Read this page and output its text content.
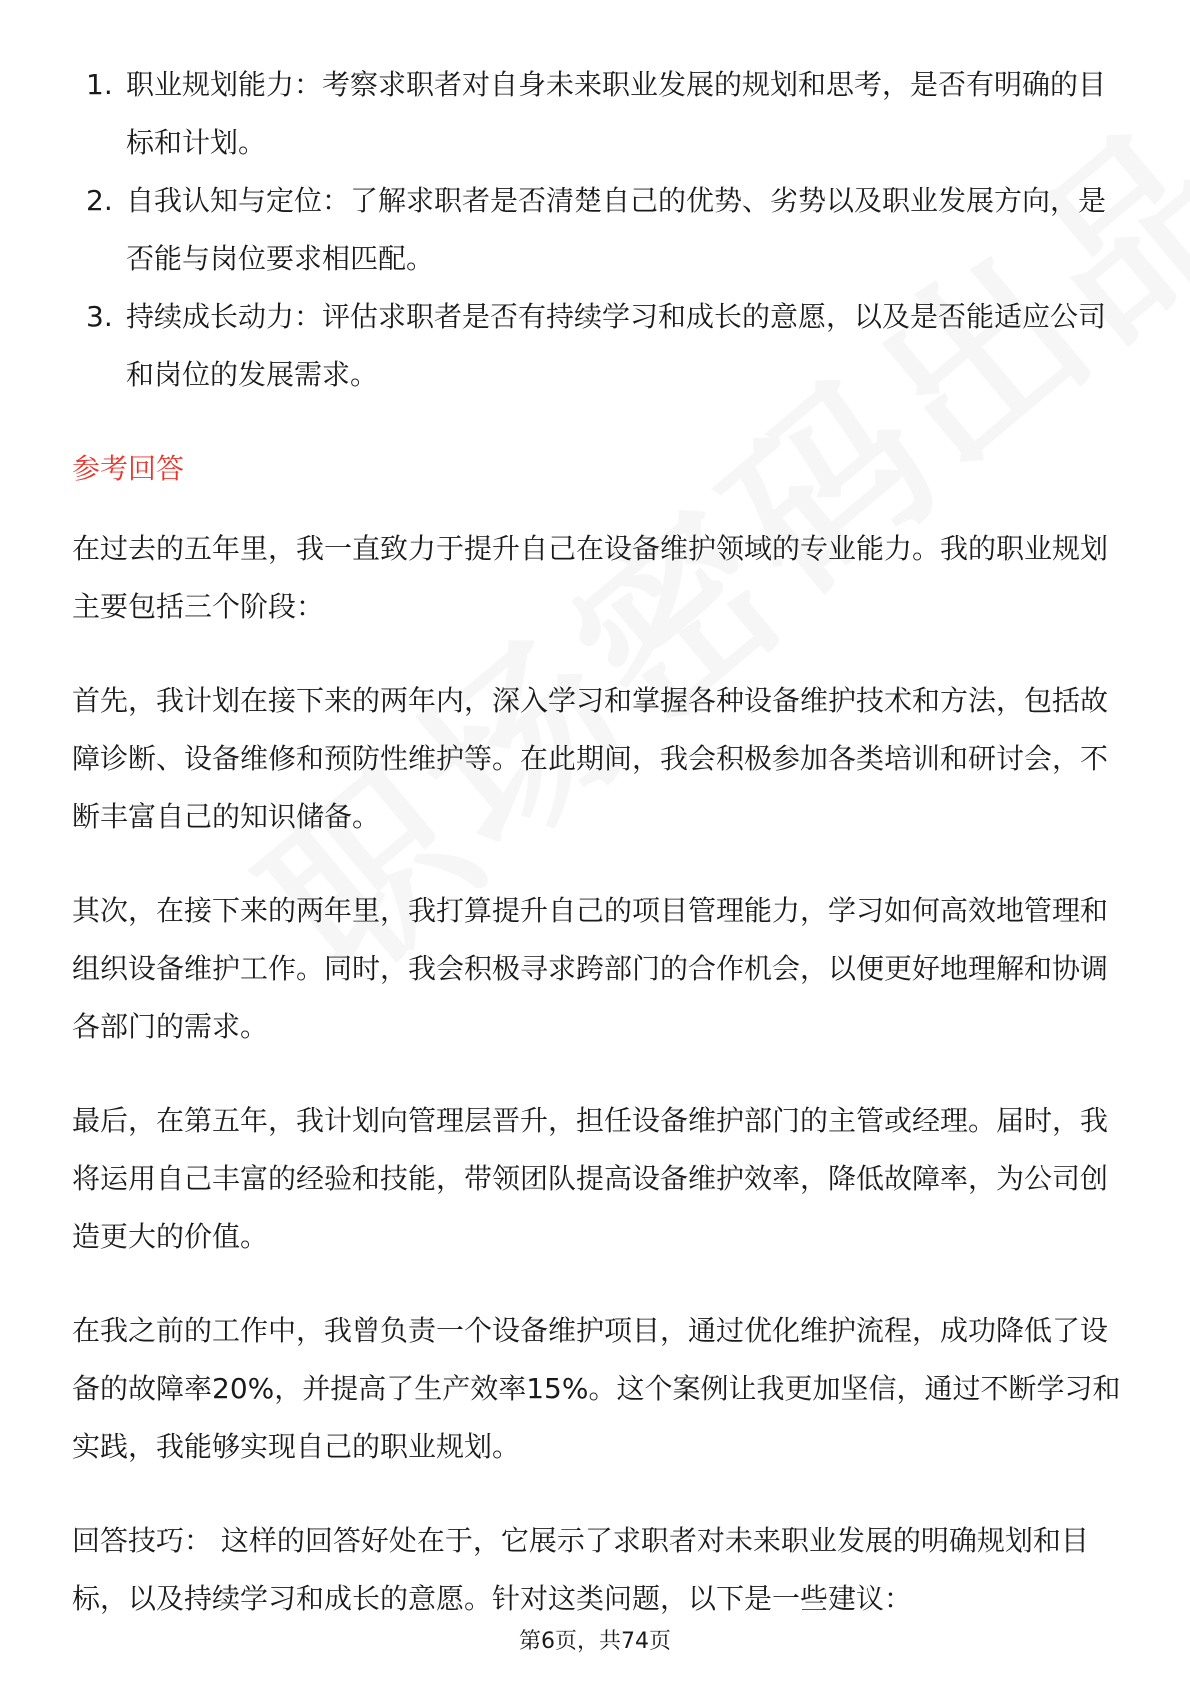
1. 职业规划能力：考察求职者对自身未来职业发展的规划和思考，是否有明确的目标和计划。
2. 自我认知与定位：了解求职者是否清楚自己的优势、劣势以及职业发展方向，是否能与岗位要求相匹配。
3. 持续成长动力：评估求职者是否有持续学习和成长的意愿，以及是否能适应公司和岗位的发展需求。
参考回答

在过去的五年里，我一直致力于提升自己在设备维护领域的专业能力。我的职业规划主要包括三个阶段：

首先，我计划在接下来的两年内，深入学习和掌握各种设备维护技术和方法，包括故障诊断、设备维修和预防性维护等。在此期间，我会积极参加各类培训和研讨会，不断丰富自己的知识储备。

其次，在接下来的两年里，我打算提升自己的项目管理能力，学习如何高效地管理和组织设备维护工作。同时，我会积极寻求跨部门的合作机会，以便更好地理解和协调各部门的需求。

最后，在第五年，我计划向管理层晋升，担任设备维护部门的主管或经理。届时，我将运用自己丰富的经验和技能，带领团队提高设备维护效率，降低故障率，为公司创造更大的价值。

在我之前的工作中，我曾负责一个设备维护项目，通过优化维护流程，成功降低了设备的故障率20%，并提高了生产效率15%。这个案例让我更加坚信，通过不断学习和实践，我能够实现自己的职业规划。

回答技巧： 这样的回答好处在于，它展示了求职者对未来职业发展的明确规划和目标，以及持续学习和成长的意愿。针对这类问题，以下是一些建议：

第6页，共74页
